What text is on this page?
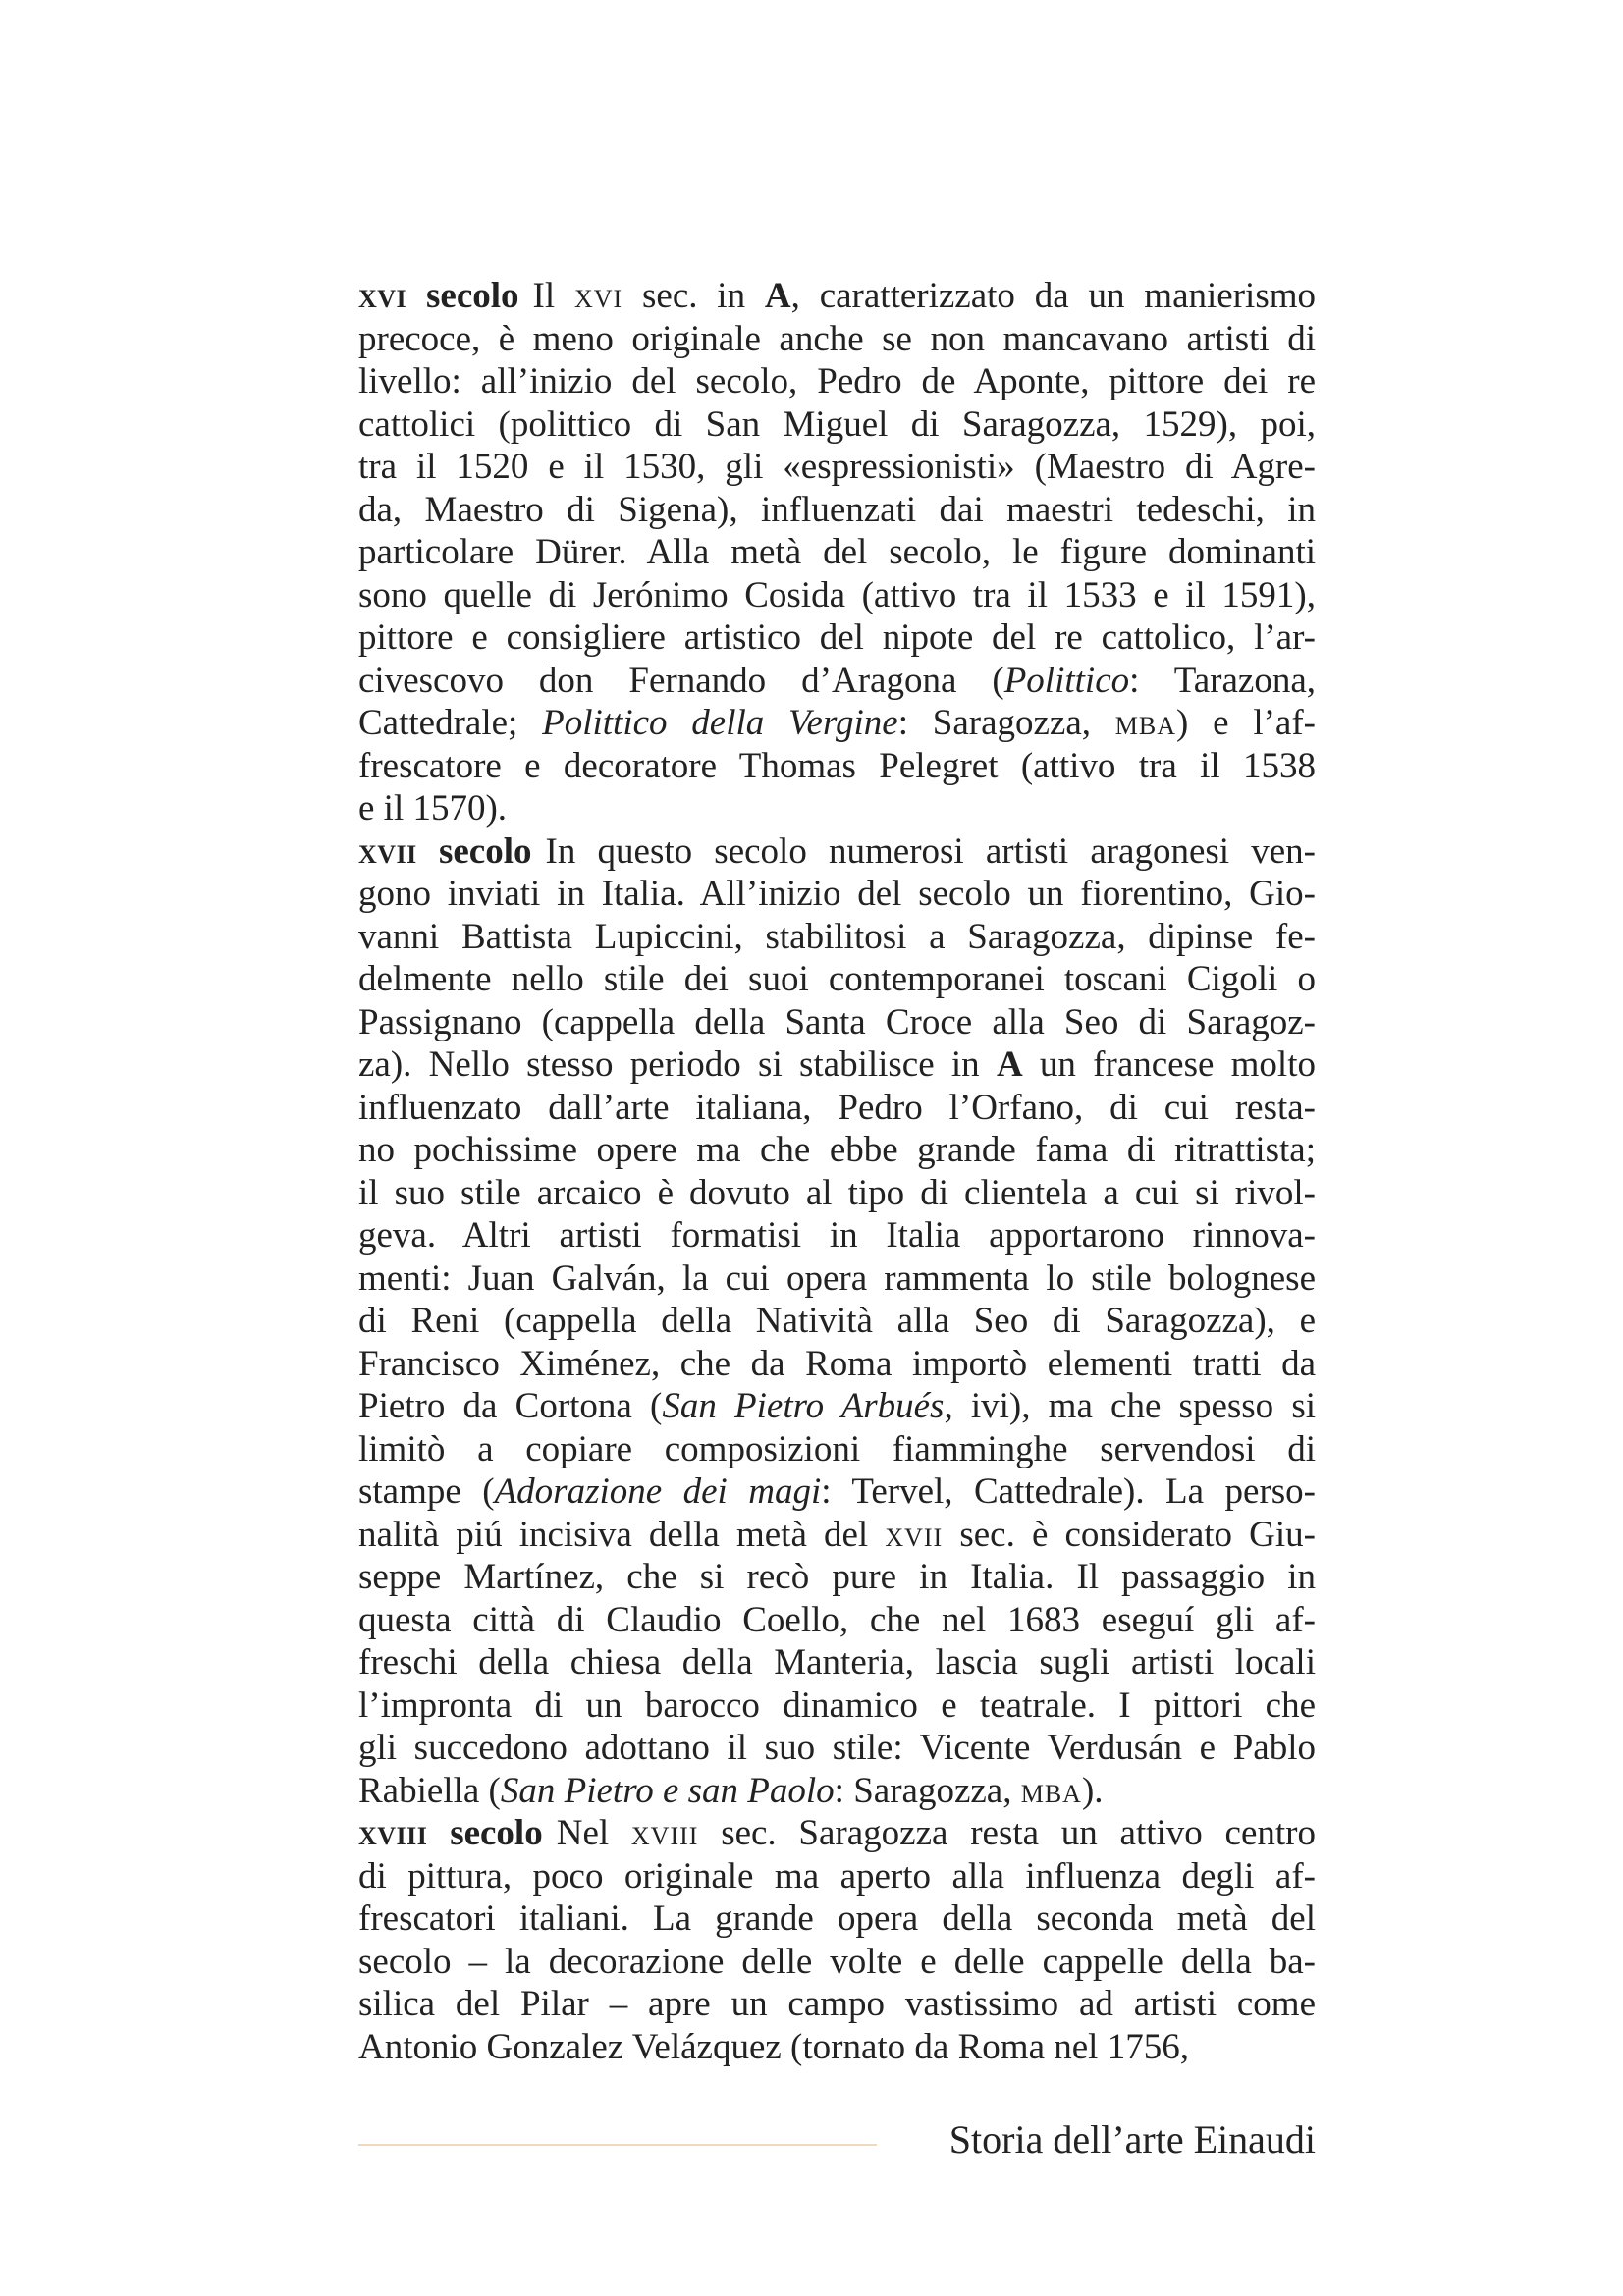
xvi secolo Il xvi sec. in A, caratterizzato da un manierismo
precoce, è meno originale anche se non mancavano artisti di
livello: all’inizio del secolo, Pedro de Aponte, pittore dei re
cattolici (polittico di San Miguel di Saragozza, 1529), poi,
tra il 1520 e il 1530, gli «espressionisti» (Maestro di Agre-
da, Maestro di Sigena), influenzati dai maestri tedeschi, in
particolare Dürer. Alla metà del secolo, le figure dominanti
sono quelle di Jerónimo Cosida (attivo tra il 1533 e il 1591),
pittore e consigliere artistico del nipote del re cattolico, l’ar-
civescovo don Fernando d’Aragona (Polittico: Tarazona,
Cattedrale; Polittico della Vergine: Saragozza, mba) e l’af-
frescatore e decoratore Thomas Pelegret (attivo tra il 1538
e il 1570).
xvii secolo In questo secolo numerosi artisti aragonesi ven-
gono inviati in Italia. All’inizio del secolo un fiorentino, Gio-
vanni Battista Lupiccini, stabilitosi a Saragozza, dipinse fe-
delmente nello stile dei suoi contemporanei toscani Cigoli o
Passignano (cappella della Santa Croce alla Seo di Saragoz-
za). Nello stesso periodo si stabilisce in A un francese molto
influenzato dall’arte italiana, Pedro l’Orfano, di cui resta-
no pochissime opere ma che ebbe grande fama di ritrattista;
il suo stile arcaico è dovuto al tipo di clientela a cui si rivol-
geva. Altri artisti formatisi in Italia apportarono rinnova-
menti: Juan Galván, la cui opera rammenta lo stile bolognese
di Reni (cappella della Natività alla Seo di Saragozza), e
Francisco Ximénez, che da Roma importò elementi tratti da
Pietro da Cortona (San Pietro Arbués, ivi), ma che spesso si
limitò a copiare composizioni fiamminghe servendosi di
stampe (Adorazione dei magi: Tervel, Cattedrale). La perso-
nalità piú incisiva della metà del xvii sec. è considerato Giu-
seppe Martínez, che si recò pure in Italia. Il passaggio in
questa città di Claudio Coello, che nel 1683 eseguí gli af-
freschi della chiesa della Manteria, lascia sugli artisti locali
l’impronta di un barocco dinamico e teatrale. I pittori che
gli succedono adottano il suo stile: Vicente Verdusán e Pablo
Rabiella (San Pietro e san Paolo: Saragozza, mba).
xviii secolo Nel xviii sec. Saragozza resta un attivo centro
di pittura, poco originale ma aperto alla influenza degli af-
frescatori italiani. La grande opera della seconda metà del
secolo – la decorazione delle volte e delle cappelle della ba-
silica del Pilar – apre un campo vastissimo ad artisti come
Antonio Gonzalez Velázquez (tornato da Roma nel 1756,
Storia dell’arte Einaudi
